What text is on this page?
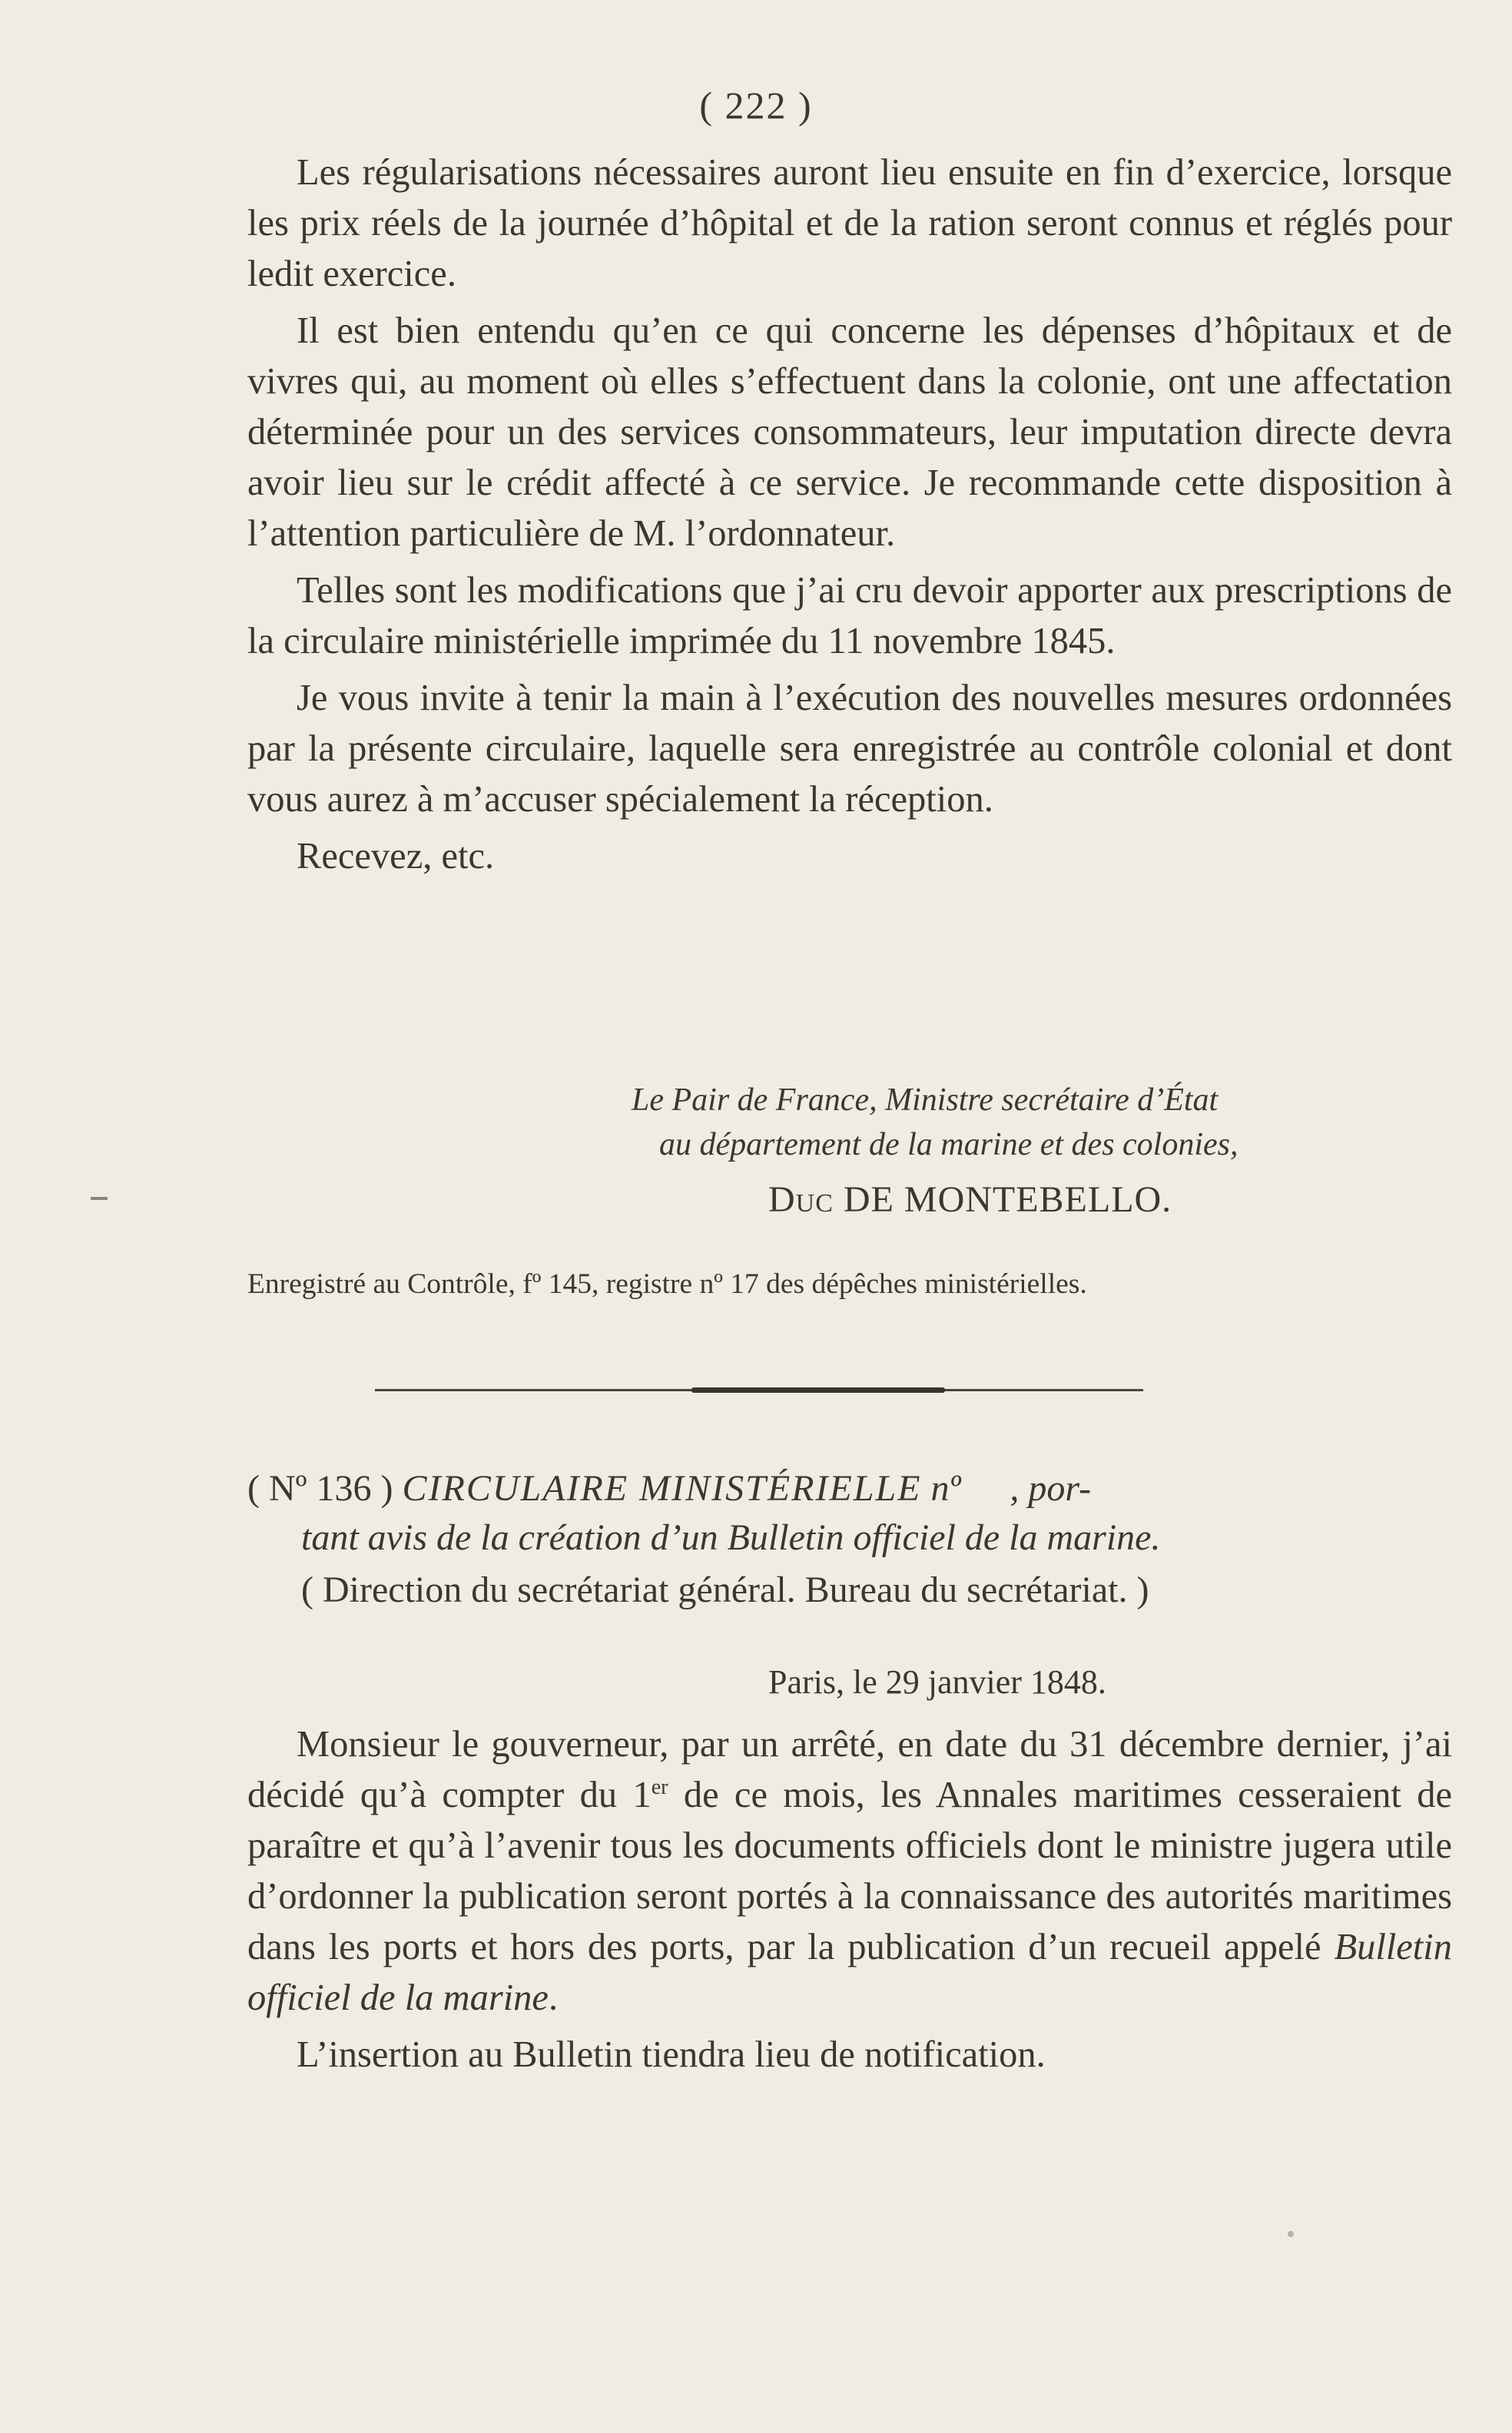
( 222 )

Les régularisations nécessaires auront lieu ensuite en fin d’exercice, lorsque les prix réels de la journée d’hôpital et de la ration seront connus et réglés pour ledit exercice.

Il est bien entendu qu’en ce qui concerne les dépenses d’hôpitaux et de vivres qui, au moment où elles s’effectuent dans la colonie, ont une affectation déterminée pour un des services consommateurs, leur imputation directe devra avoir lieu sur le crédit affecté à ce service. Je recommande cette disposition à l’attention particulière de M. l’ordonnateur.

Telles sont les modifications que j’ai cru devoir apporter aux prescriptions de la circulaire ministérielle imprimée du 11 novembre 1845.

Je vous invite à tenir la main à l’exécution des nouvelles mesures ordonnées par la présente circulaire, laquelle sera enregistrée au contrôle colonial et dont vous aurez à m’accuser spécialement la réception.

Recevez, etc.

Le Pair de France, Ministre secrétaire d’État
au département de la marine et des colonies,
Duc DE MONTEBELLO.
Enregistré au Contrôle, fº 145, registre nº 17 des dépêches ministérielles.
( Nº 136 ) CIRCULAIRE MINISTÉRIELLE nº , por-
tant avis de la création d’un Bulletin officiel de la marine.
( Direction du secrétariat général. Bureau du secrétariat. )
Paris, le 29 janvier 1848.

Monsieur le gouverneur, par un arrêté, en date du 31 décembre dernier, j’ai décidé qu’à compter du 1er de ce mois, les Annales maritimes cesseraient de paraître et qu’à l’avenir tous les documents officiels dont le ministre jugera utile d’ordonner la publication seront portés à la connaissance des autorités maritimes dans les ports et hors des ports, par la publication d’un recueil appelé Bulletin officiel de la marine.

L’insertion au Bulletin tiendra lieu de notification.
